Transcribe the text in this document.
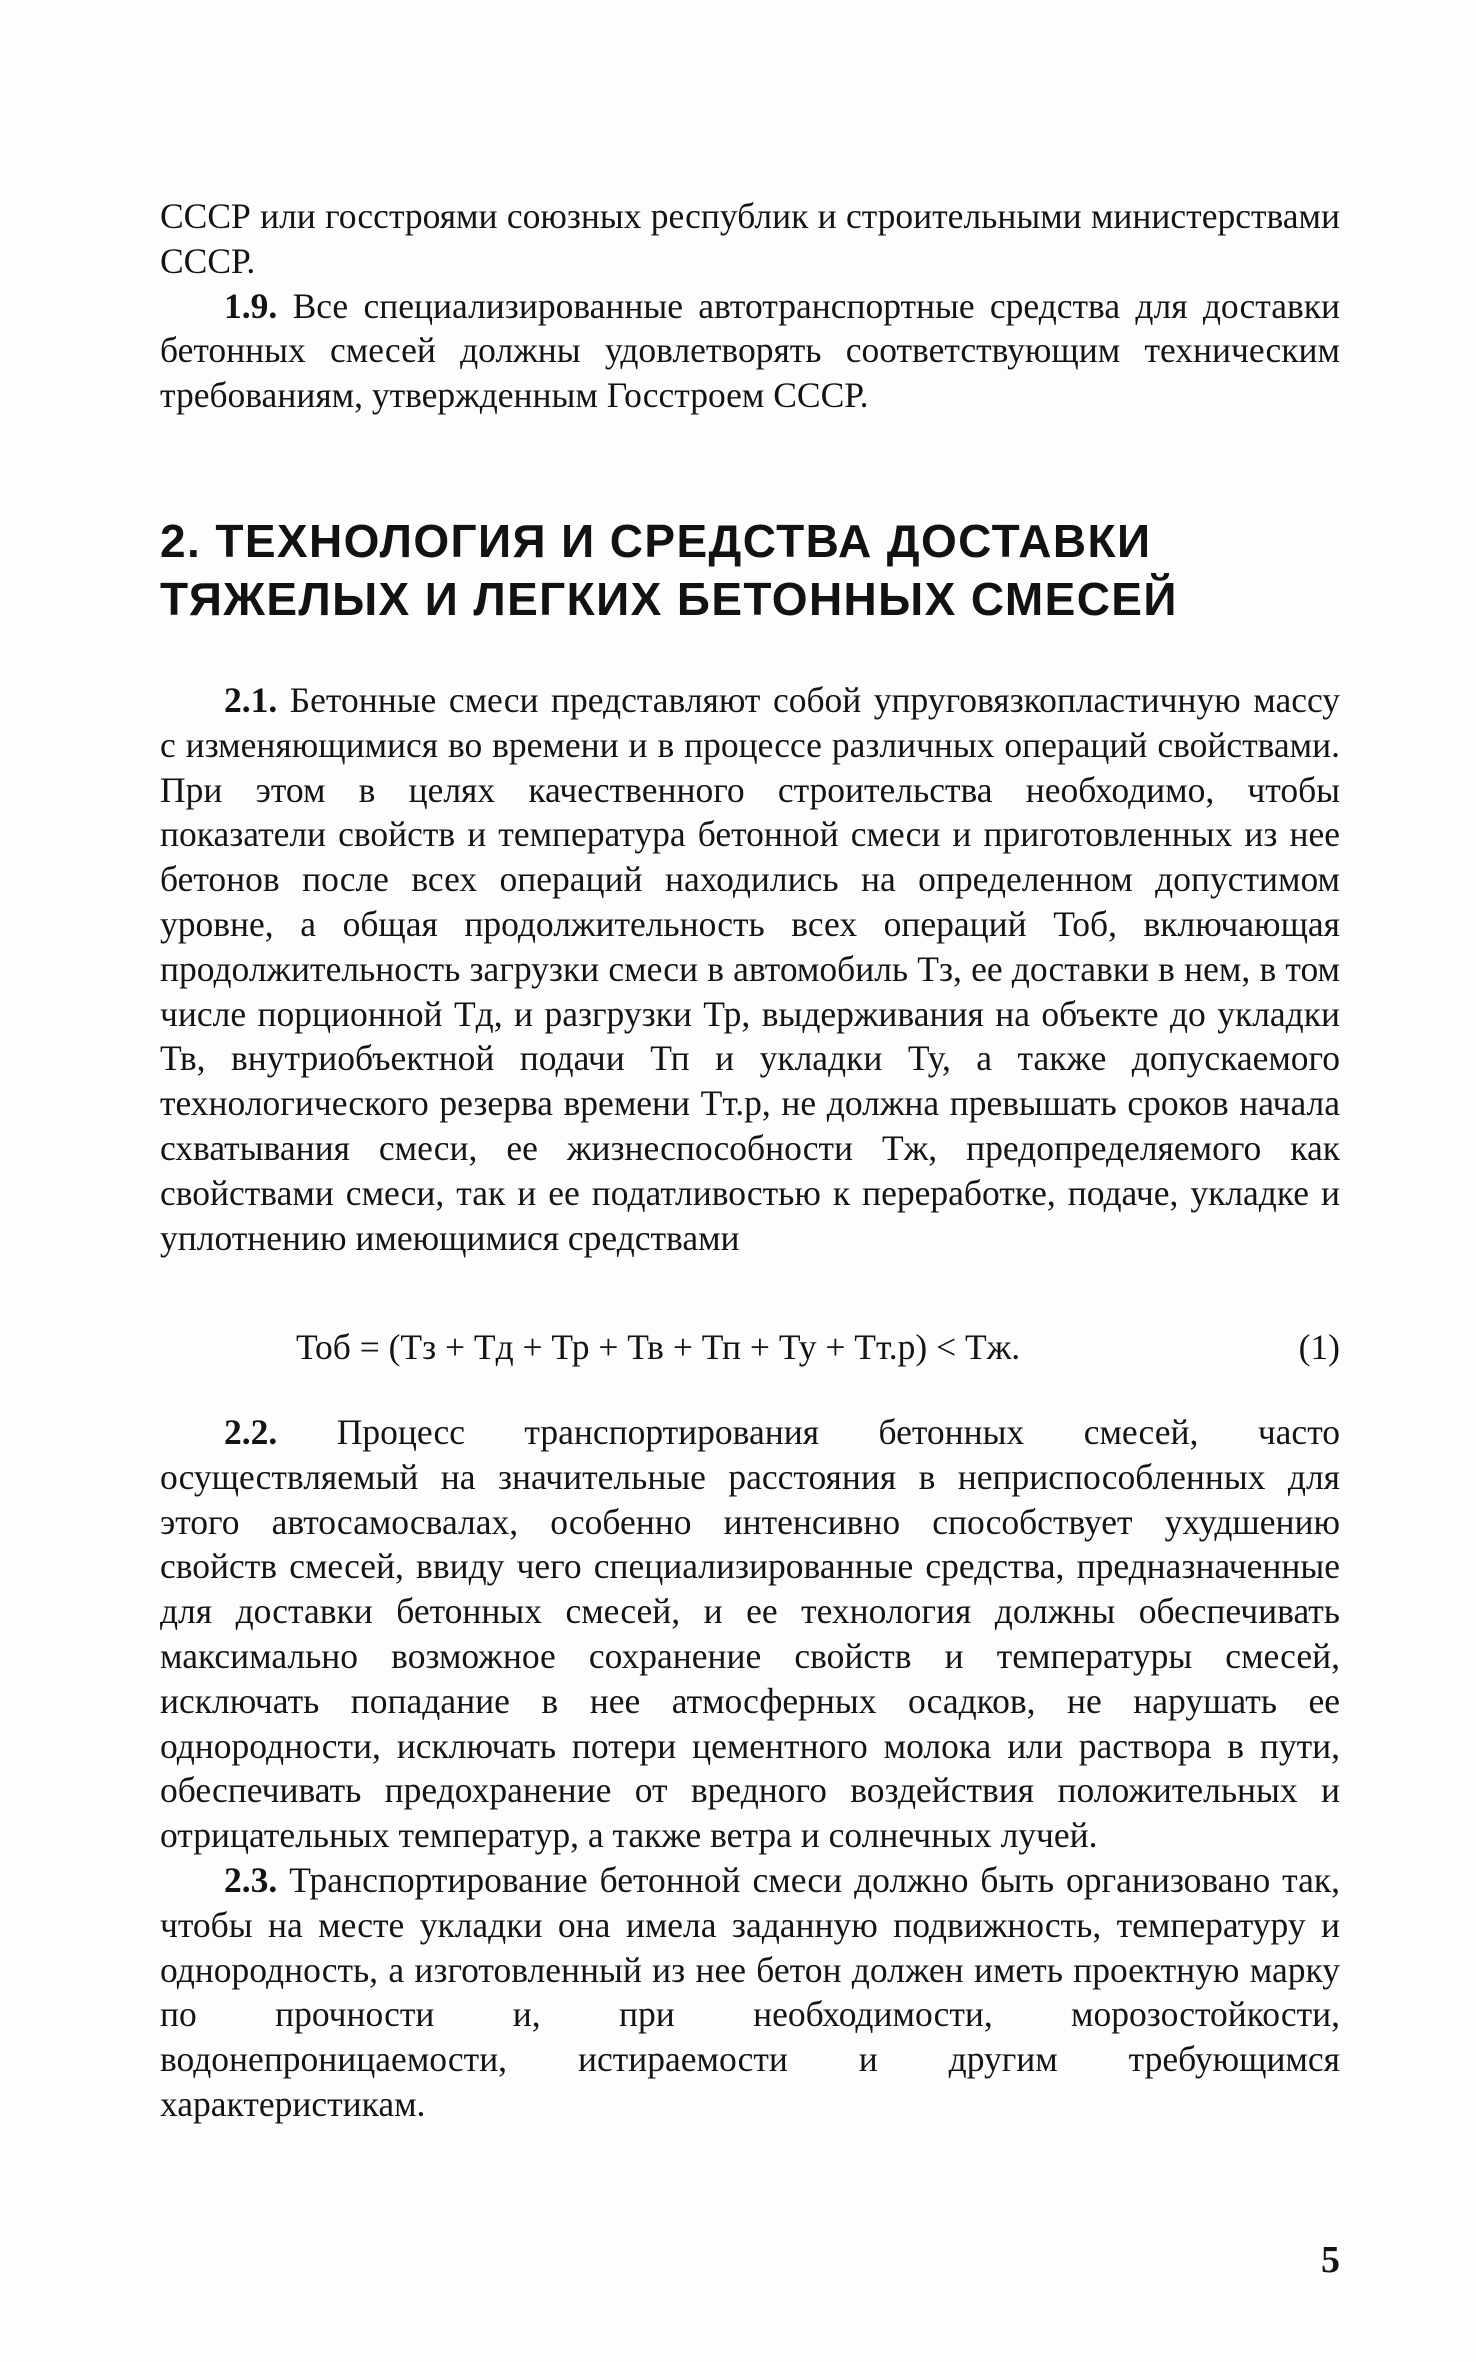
СССР или госстроями союзных республик и строительными министерствами СССР.

1.9. Все специализированные автотранспортные средства для доставки бетонных смесей должны удовлетворять соответствующим техническим требованиям, утвержденным Госстроем СССР.

2. ТЕХНОЛОГИЯ И СРЕДСТВА ДОСТАВКИ
ТЯЖЕЛЫХ И ЛЕГКИХ БЕТОННЫХ СМЕСЕЙ

2.1. Бетонные смеси представляют собой упруговязкопластичную массу с изменяющимися во времени и в процессе различных операций свойствами. При этом в целях качественного строительства необходимо, чтобы показатели свойств и температура бетонной смеси и приготовленных из нее бетонов после всех операций находились на определенном допустимом уровне, а общая продолжительность всех операций Тоб, включающая продолжительность загрузки смеси в автомобиль Тз, ее доставки в нем, в том числе порционной Тд, и разгрузки Тр, выдерживания на объекте до укладки Тв, внутриобъектной подачи Тп и укладки Ту, а также допускаемого технологического резерва времени Тт.р, не должна превышать сроков начала схватывания смеси, ее жизнеспособности Тж, предопределяемого как свойствами смеси, так и ее податливостью к переработке, подаче, укладке и уплотнению имеющимися средствами

Тоб = (Тз + Тд + Тр + Тв + Тп + Ту + Тт.р) < Тж.	(1)

2.2. Процесс транспортирования бетонных смесей, часто осуществляемый на значительные расстояния в неприспособленных для этого автосамосвалах, особенно интенсивно способствует ухудшению свойств смесей, ввиду чего специализированные средства, предназначенные для доставки бетонных смесей, и ее технология должны обеспечивать максимально возможное сохранение свойств и температуры смесей, исключать попадание в нее атмосферных осадков, не нарушать ее однородности, исключать потери цементного молока или раствора в пути, обеспечивать предохранение от вредного воздействия положительных и отрицательных температур, а также ветра и солнечных лучей.

2.3. Транспортирование бетонной смеси должно быть организовано так, чтобы на месте укладки она имела заданную подвижность, температуру и однородность, а изготовленный из нее бетон должен иметь проектную марку по прочности и, при необходимости, морозостойкости, водонепроницаемости, истираемости и другим требующимся характеристикам.

5
